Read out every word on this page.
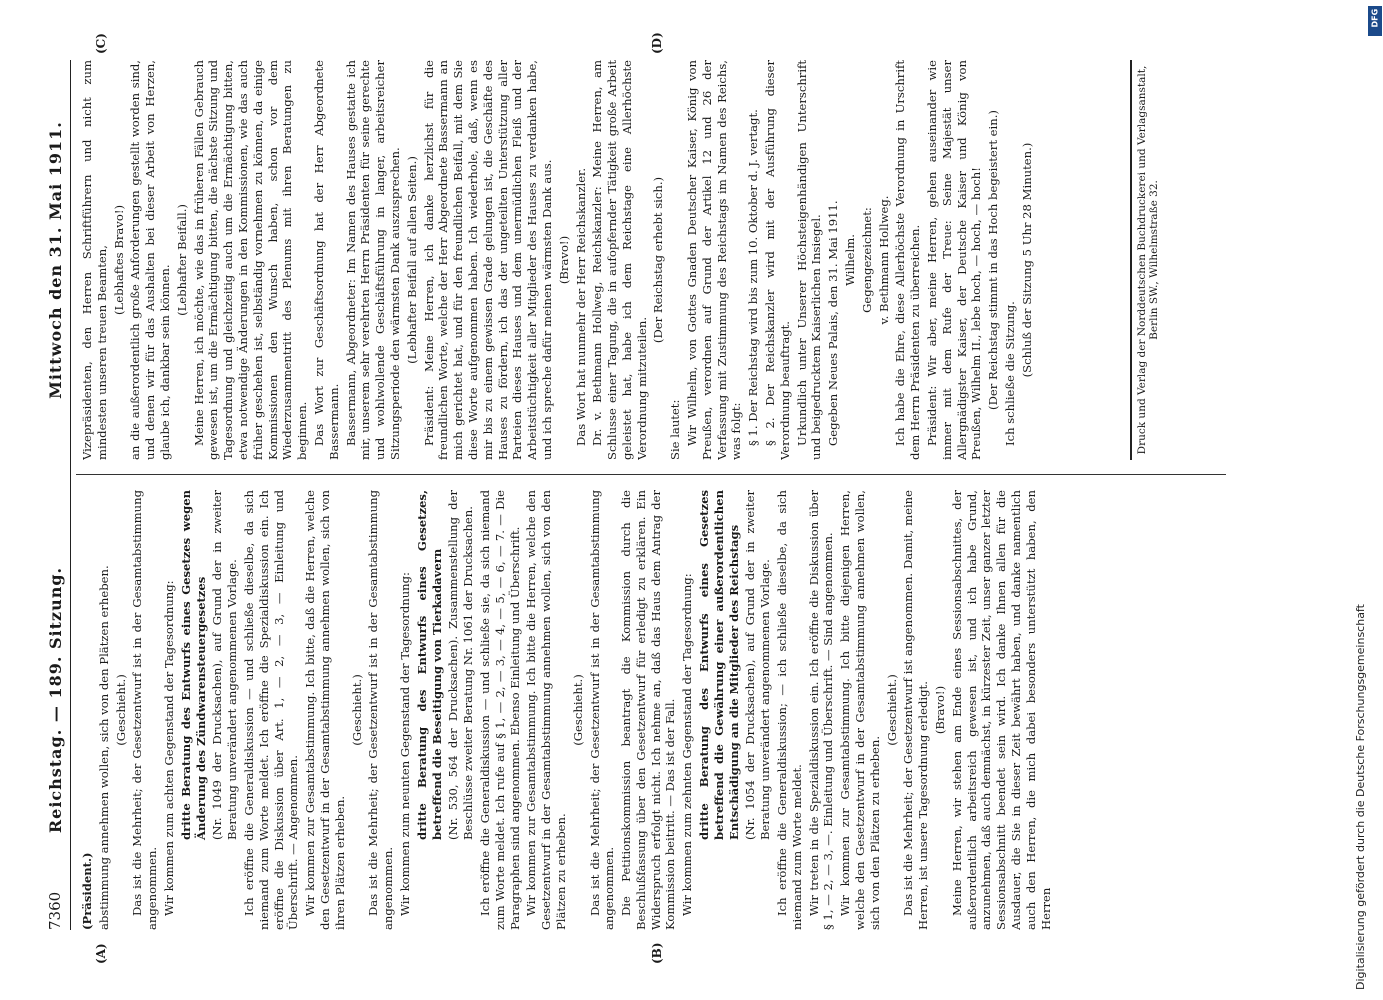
7360
Reichstag. — 189. Sitzung.
Mittwoch den 31. Mai 1911.
(A)	(B)
(C)	(D)

(Präsident.) abstimmung annehmen wollen, sich von den Plätzen erheben. (Geschieht.) Das ist die Mehrheit; der Gesetzentwurf ist in der Gesamtabstimmung angenommen. Wir kommen zum achten Gegenstand der Tagesordnung: dritte Beratung des Entwurfs eines Gesetzes wegen Änderung des Zündwarensteuergesetzes (Nr. 1049 der Drucksachen), auf Grund der in zweiter Beratung unverändert angenommenen Vorlage. Ich eröffne die Generaldiskussion — und schließe dieselbe, da sich niemand zum Worte meldet. Ich eröffne die Spezialdiskussion ein. Ich eröffne die Diskussion über Art. 1, — 2, — 3, — Einleitung und Überschrift. — Angenommen. Wir kommen zur Gesamtabstimmung. Ich bitte, daß die Herren, welche den Gesetzentwurf in der Gesamtabstimmung annehmen wollen, sich von ihren Plätzen erheben.

(Geschieht.) Das ist die Mehrheit; der Gesetzentwurf ist in der Gesamtabstimmung angenommen. Wir kommen zum neunten Gegenstand der Tagesordnung: dritte Beratung des Entwurfs eines Gesetzes, betreffend die Beseitigung von Tierkadavern (Nr. 530, 564 der Drucksachen). Zusammenstellung der Beschlüsse zweiter Beratung Nr. 1061 der Drucksachen. Ich eröffne die Generaldiskussion — und schließe sie, da sich niemand zum Worte meldet. Ich rufe auf § 1, — 2, — 3, — 4, — 5, — 6, — 7. — Die Paragraphen sind angenommen. Ebenso Einleitung und Überschrift. Wir kommen zur Gesamtabstimmung. Ich bitte die Herren, welche den Gesetzentwurf in der Gesamtabstimmung annehmen wollen, sich von den Plätzen zu erheben.

(Geschieht.) Das ist die Mehrheit; der Gesetzentwurf ist in der Gesamtabstimmung angenommen. Die Petitionskommission beantragt die Kommission durch die Beschlußfassung über den Gesetzentwurf für erledigt zu erklären. Ein Widerspruch erfolgt nicht. Ich nehme an, daß das Haus dem Antrag der Kommission beitritt. — Das ist der Fall. Wir kommen zum zehnten Gegenstand der Tagesordnung: dritte Beratung des Entwurfs eines Gesetzes betreffend die Gewährung einer außerordentlichen Entschädigung an die Mitglieder des Reichstags (Nr. 1054 der Drucksachen), auf Grund der in zweiter Beratung unverändert angenommenen Vorlage. Ich eröffne die Generaldiskussion; — ich schließe dieselbe, da sich niemand zum Worte meldet. Wir treten in die Spezialdiskussion ein. Ich eröffne die Diskussion über § 1, — 2, — 3, —. Einleitung und Überschrift. — Sind angenommen. Wir kommen zur Gesamtabstimmung. Ich bitte diejenigen Herren, welche den Gesetzentwurf in der Gesamtabstimmung annehmen wollen, sich von den Plätzen zu erheben.

(Geschieht.) Das ist die Mehrheit; der Gesetzentwurf ist angenommen. Damit, meine Herren, ist unsere Tagesordnung erledigt. (Bravo!) Meine Herren, wir stehen am Ende eines Sessionsabschnittes, der außerordentlich arbeitsreich gewesen ist, und ich habe Grund, anzunehmen, daß auch demnächst, in kürzester Zeit, unser ganzer letzter Sessionsabschnitt beendet sein wird. Ich danke Ihnen allen für die Ausdauer, die Sie in dieser Zeit bewährt haben, und danke namentlich auch den Herren, die mich dabei besonders unterstützt haben, den Herren

Vizepräsidenten, den Herren Schriftführern und nicht zum mindesten unseren treuen Beamten, (Lebhaftes Bravo!) an die außerordentlich große Anforderungen gestellt worden sind, und denen wir für das Aushalten bei dieser Arbeit von Herzen, glaube ich, dankbar sein können.

(Lebhafter Beifall.) Meine Herren, ich möchte, wie das in früheren Fällen Gebrauch gewesen ist, um die Ermächtigung bitten, die nächste Sitzung und Tagesordnung und gleichzeitig auch um die Ermächtigung bitten, etwa notwendige Änderungen in den Kommissionen, wie das auch früher geschehen ist, selbständig vornehmen zu können, da einige Kommissionen den Wunsch haben, schon vor dem Wiederzusammentritt des Plenums mit ihren Beratungen zu beginnen. Das Wort zur Geschäftsordnung hat der Herr Abgeordnete Bassermann. Bassermann, Abgeordneter: Im Namen des Hauses gestatte ich mir, unserem sehr verehrten Herrn Präsidenten für seine gerechte und wohlwollende Geschäftsführung in langer, arbeitsreicher Sitzungsperiode den wärmsten Dank auszusprechen. (Lebhafter Beifall auf allen Seiten.) Präsident: Meine Herren, ich danke herzlichst für die freundlichen Worte, welche der Herr Abgeordnete Bassermann an mich gerichtet hat, und für den freundlichen Beifall, mit dem Sie diese Worte aufgenommen haben. Ich wiederhole, daß, wenn es mir bis zu einem gewissen Grade gelungen ist, die Geschäfte des Hauses zu fördern, ich das der ungeteilten Unterstützung aller Parteien dieses Hauses und dem unermüdlichen Fleiß und der Arbeitstüchtigkeit aller Mitglieder des Hauses zu verdanken habe, und ich spreche dafür meinen wärmsten Dank aus. (Bravo!) Das Wort hat nunmehr der Herr Reichskanzler. Dr. v. Bethmann Hollweg, Reichskanzler: Meine Herren, am Schlusse einer Tagung, die in aufopfernder Tätigkeit große Arbeit geleistet hat, habe ich dem Reichstage eine Allerhöchste Verordnung mitzuteilen.

(Der Reichstag erhebt sich.)

Sie lautet: Wir Wilhelm, von Gottes Gnaden Deutscher Kaiser, König von Preußen, verordnen auf Grund der Artikel 12 und 26 der Verfassung mit Zustimmung des Reichstags im Namen des Reichs, was folgt: § 1. Der Reichstag wird bis zum 10. Oktober d. J. vertagt. § 2. Der Reichskanzler wird mit der Ausführung dieser Verordnung beauftragt. Urkundlich unter Unserer Höchsteigenhändigen Unterschrift und beigedrucktem Kaiserlichen Insiegel. Gegeben Neues Palais, den 31. Mai 1911. Wilhelm. Gegengezeichnet: v. Bethmann Hollweg. Ich habe die Ehre, diese Allerhöchste Verordnung in Urschrift dem Herrn Präsidenten zu überreichen. Präsident: Wir aber, meine Herren, gehen auseinander wie immer mit dem Rufe der Treue: Seine Majestät unser Allergnädigster Kaiser, der Deutsche Kaiser und König von Preußen, Wilhelm II., lebe hoch, — hoch, — hoch! (Der Reichstag stimmt in das Hoch begeistert ein.) Ich schließe die Sitzung. (Schluß der Sitzung 5 Uhr 28 Minuten.)	Druck und Verlag der Norddeutschen Buchdruckerei und Verlagsanstalt, Berlin SW., Wilhelmstraße 32.
Digitalisierung gefördert durch die Deutsche Forschungsgemeinschaft
DFG
